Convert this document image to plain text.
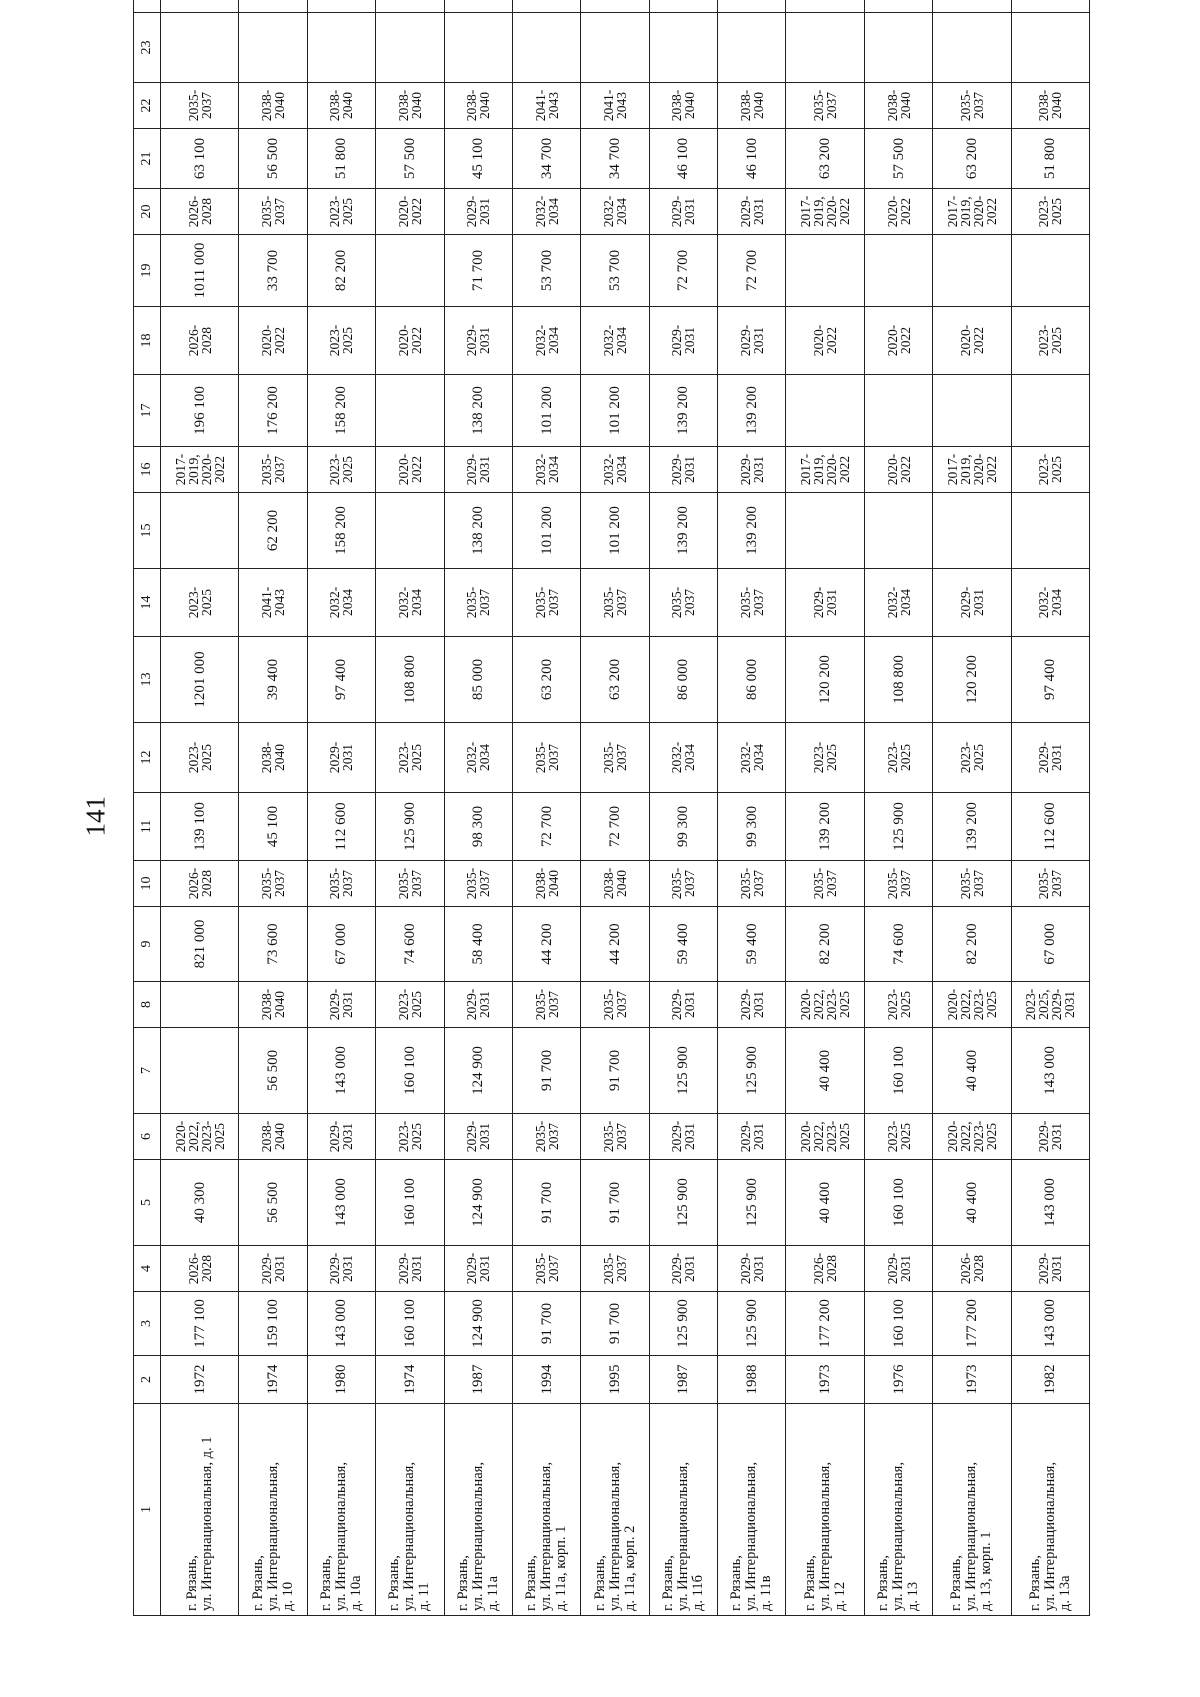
141
1	2	3	4	5	6	7	8	9	10	11	12	13	14	15	16	17	18	19	20	21	22	23	
г. Рязань,
ул. Интернациональная, д. 1	1972	177 100	2026-
2028	40 300	2020-
2022,
2023-
2025			821 000	2026-
2028	139 100	2023-
2025	1201 000	2023-
2025		2017-
2019,
2020-
2022	196 100	2026-
2028	1011 000	2026-
2028	63 100	2035-
2037		
г. Рязань,
ул. Интернациональная,
д. 10	1974	159 100	2029-
2031	56 500	2038-
2040	56 500	2038-
2040	73 600	2035-
2037	45 100	2038-
2040	39 400	2041-
2043	62 200	2035-
2037	176 200	2020-
2022	33 700	2035-
2037	56 500	2038-
2040		
г. Рязань,
ул. Интернациональная,
д. 10а	1980	143 000	2029-
2031	143 000	2029-
2031	143 000	2029-
2031	67 000	2035-
2037	112 600	2029-
2031	97 400	2032-
2034	158 200	2023-
2025	158 200	2023-
2025	82 200	2023-
2025	51 800	2038-
2040		
г. Рязань,
ул. Интернациональная,
д. 11	1974	160 100	2029-
2031	160 100	2023-
2025	160 100	2023-
2025	74 600	2035-
2037	125 900	2023-
2025	108 800	2032-
2034		2020-
2022		2020-
2022		2020-
2022	57 500	2038-
2040		
г. Рязань,
ул. Интернациональная,
д. 11а	1987	124 900	2029-
2031	124 900	2029-
2031	124 900	2029-
2031	58 400	2035-
2037	98 300	2032-
2034	85 000	2035-
2037	138 200	2029-
2031	138 200	2029-
2031	71 700	2029-
2031	45 100	2038-
2040		
г. Рязань,
ул. Интернациональная,
д. 11а, корп. 1	1994	91 700	2035-
2037	91 700	2035-
2037	91 700	2035-
2037	44 200	2038-
2040	72 700	2035-
2037	63 200	2035-
2037	101 200	2032-
2034	101 200	2032-
2034	53 700	2032-
2034	34 700	2041-
2043		
г. Рязань,
ул. Интернациональная,
д. 11а, корп. 2	1995	91 700	2035-
2037	91 700	2035-
2037	91 700	2035-
2037	44 200	2038-
2040	72 700	2035-
2037	63 200	2035-
2037	101 200	2032-
2034	101 200	2032-
2034	53 700	2032-
2034	34 700	2041-
2043		
г. Рязань,
ул. Интернациональная,
д. 11б	1987	125 900	2029-
2031	125 900	2029-
2031	125 900	2029-
2031	59 400	2035-
2037	99 300	2032-
2034	86 000	2035-
2037	139 200	2029-
2031	139 200	2029-
2031	72 700	2029-
2031	46 100	2038-
2040		
г. Рязань,
ул. Интернациональная,
д. 11в	1988	125 900	2029-
2031	125 900	2029-
2031	125 900	2029-
2031	59 400	2035-
2037	99 300	2032-
2034	86 000	2035-
2037	139 200	2029-
2031	139 200	2029-
2031	72 700	2029-
2031	46 100	2038-
2040		
г. Рязань,
ул. Интернациональная,
д. 12	1973	177 200	2026-
2028	40 400	2020-
2022,
2023-
2025	40 400	2020-
2022,
2023-
2025	82 200	2035-
2037	139 200	2023-
2025	120 200	2029-
2031		2017-
2019,
2020-
2022		2020-
2022		2017-
2019,
2020-
2022	63 200	2035-
2037		
г. Рязань,
ул. Интернациональная,
д. 13	1976	160 100	2029-
2031	160 100	2023-
2025	160 100	2023-
2025	74 600	2035-
2037	125 900	2023-
2025	108 800	2032-
2034		2020-
2022		2020-
2022		2020-
2022	57 500	2038-
2040		
г. Рязань,
ул. Интернациональная,
д. 13, корп. 1	1973	177 200	2026-
2028	40 400	2020-
2022,
2023-
2025	40 400	2020-
2022,
2023-
2025	82 200	2035-
2037	139 200	2023-
2025	120 200	2029-
2031		2017-
2019,
2020-
2022		2020-
2022		2017-
2019,
2020-
2022	63 200	2035-
2037		
г. Рязань,
ул. Интернациональная,
д. 13а	1982	143 000	2029-
2031	143 000	2029-
2031	143 000	2023-
2025,
2029-
2031	67 000	2035-
2037	112 600	2029-
2031	97 400	2032-
2034		2023-
2025		2023-
2025		2023-
2025	51 800	2038-
2040		
